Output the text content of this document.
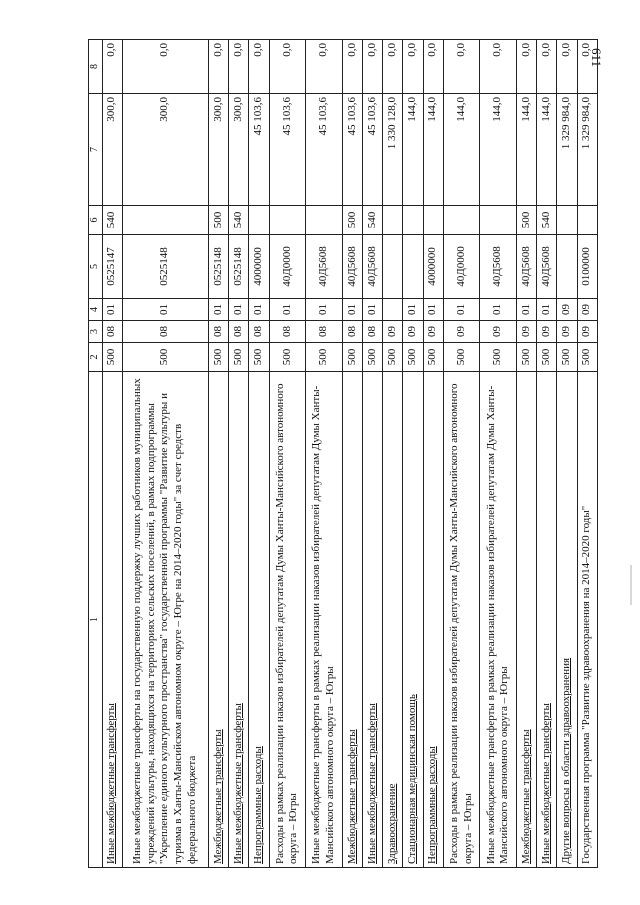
611
1	2	3	4	5	6	7	8
Иные межбюджетные трансферты	500	08	01	0525147	540	300,0	0,0
Иные межбюджетные трансферты на государственную поддержку лучших работников муниципальных учреждений культуры, находящихся на территориях сельских поселений, в рамках подпрограммы "Укрепление единого культурного пространства" государственной программы "Развитие культуры и туризма в Ханты-Мансийском автономном округе – Югре на 2014–2020 годы" за счет средств федерального бюджета	500	08	01	0525148		300,0	0,0
Межбюджетные трансферты	500	08	01	0525148	500	300,0	0,0
Иные межбюджетные трансферты	500	08	01	0525148	540	300,0	0,0
Непрограммные расходы	500	08	01	4000000		45 103,6	0,0
Расходы в рамках реализации наказов избирателей депутатам Думы Ханты-Мансийского автономного округа – Югры	500	08	01	40Д0000		45 103,6	0,0
Иные межбюджетные трансферты в рамках реализации наказов избирателей депутатам Думы Ханты-Мансийского автономного округа – Югры	500	08	01	40Д5608		45 103,6	0,0
Межбюджетные трансферты	500	08	01	40Д5608	500	45 103,6	0,0
Иные межбюджетные трансферты	500	08	01	40Д5608	540	45 103,6	0,0
Здравоохранение	500	09				1 330 128,0	0,0
Стационарная медицинская помощь	500	09	01			144,0	0,0
Непрограммные расходы	500	09	01	4000000		144,0	0,0
Расходы в рамках реализации наказов избирателей депутатам Думы Ханты-Мансийского автономного округа – Югры	500	09	01	40Д0000		144,0	0,0
Иные межбюджетные трансферты в рамках реализации наказов избирателей депутатам Думы Ханты-Мансийского автономного округа – Югры	500	09	01	40Д5608		144,0	0,0
Межбюджетные трансферты	500	09	01	40Д5608	500	144,0	0,0
Иные межбюджетные трансферты	500	09	01	40Д5608	540	144,0	0,0
Другие вопросы в области здравоохранения	500	09	09			1 329 984,0	0,0
Государственная программа "Развитие здравоохранения на 2014–2020 годы"	500	09	09	0100000		1 329 984,0	0,0
